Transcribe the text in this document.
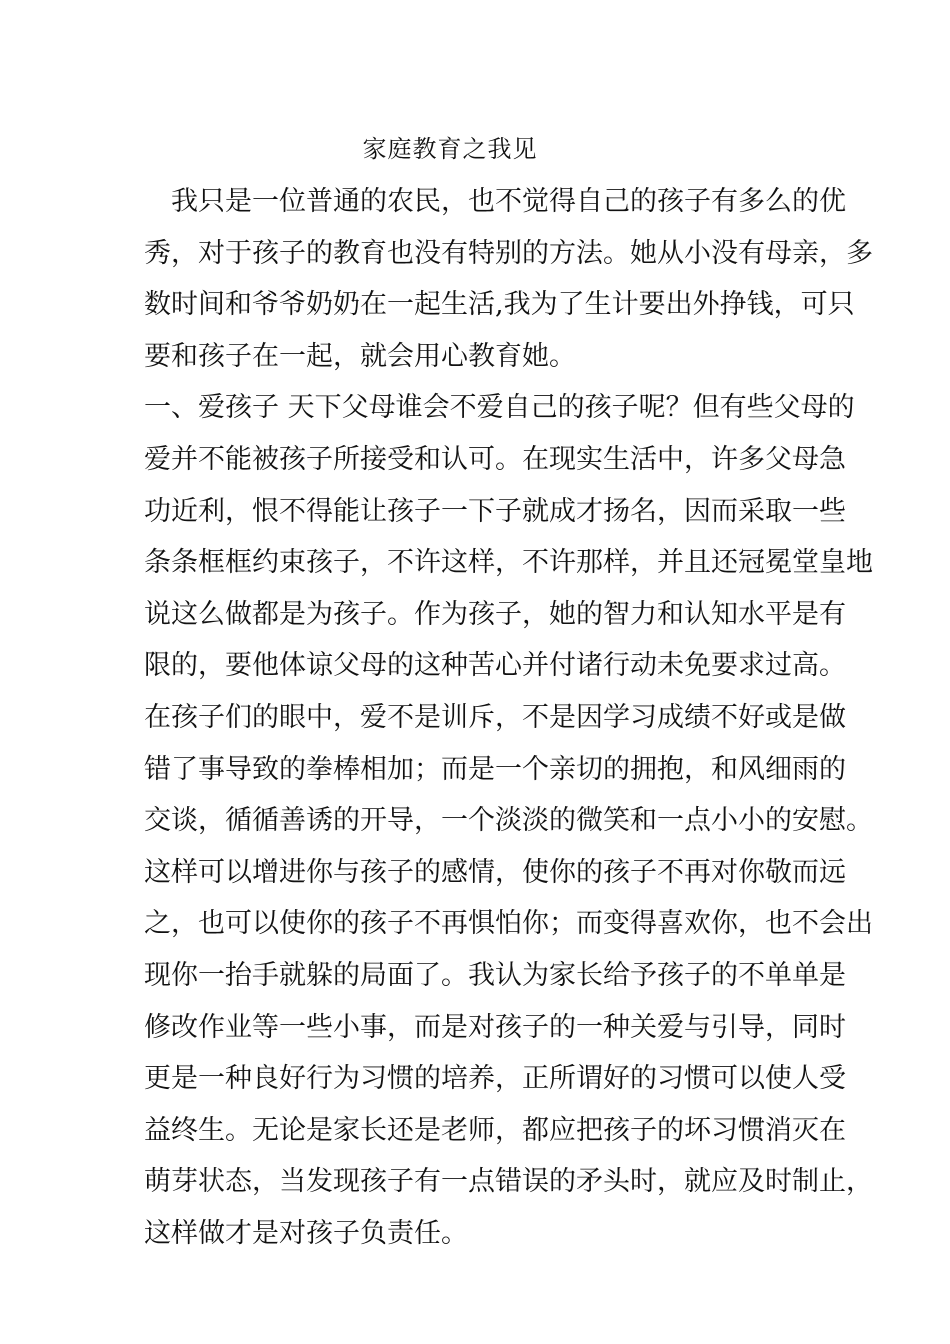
家庭教育之我见
　我只是一位普通的农民，也不觉得自己的孩子有多么的优
秀，对于孩子的教育也没有特别的方法。她从小没有母亲，多
数时间和爷爷奶奶在一起生活,我为了生计要出外挣钱，可只
要和孩子在一起，就会用心教育她。
一、爱孩子 天下父母谁会不爱自己的孩子呢？但有些父母的
爱并不能被孩子所接受和认可。在现实生活中，许多父母急
功近利，恨不得能让孩子一下子就成才扬名，因而采取一些
条条框框约束孩子，不许这样，不许那样，并且还冠冕堂皇地
说这么做都是为孩子。作为孩子，她的智力和认知水平是有
限的，要他体谅父母的这种苦心并付诸行动未免要求过高。
在孩子们的眼中，爱不是训斥，不是因学习成绩不好或是做
错了事导致的拳棒相加；而是一个亲切的拥抱，和风细雨的
交谈，循循善诱的开导，一个淡淡的微笑和一点小小的安慰。
这样可以增进你与孩子的感情，使你的孩子不再对你敬而远
之，也可以使你的孩子不再惧怕你；而变得喜欢你，也不会出
现你一抬手就躲的局面了。我认为家长给予孩子的不单单是
修改作业等一些小事，而是对孩子的一种关爱与引导，同时
更是一种良好行为习惯的培养，正所谓好的习惯可以使人受
益终生。无论是家长还是老师，都应把孩子的坏习惯消灭在
萌芽状态，当发现孩子有一点错误的矛头时，就应及时制止，
这样做才是对孩子负责任。
